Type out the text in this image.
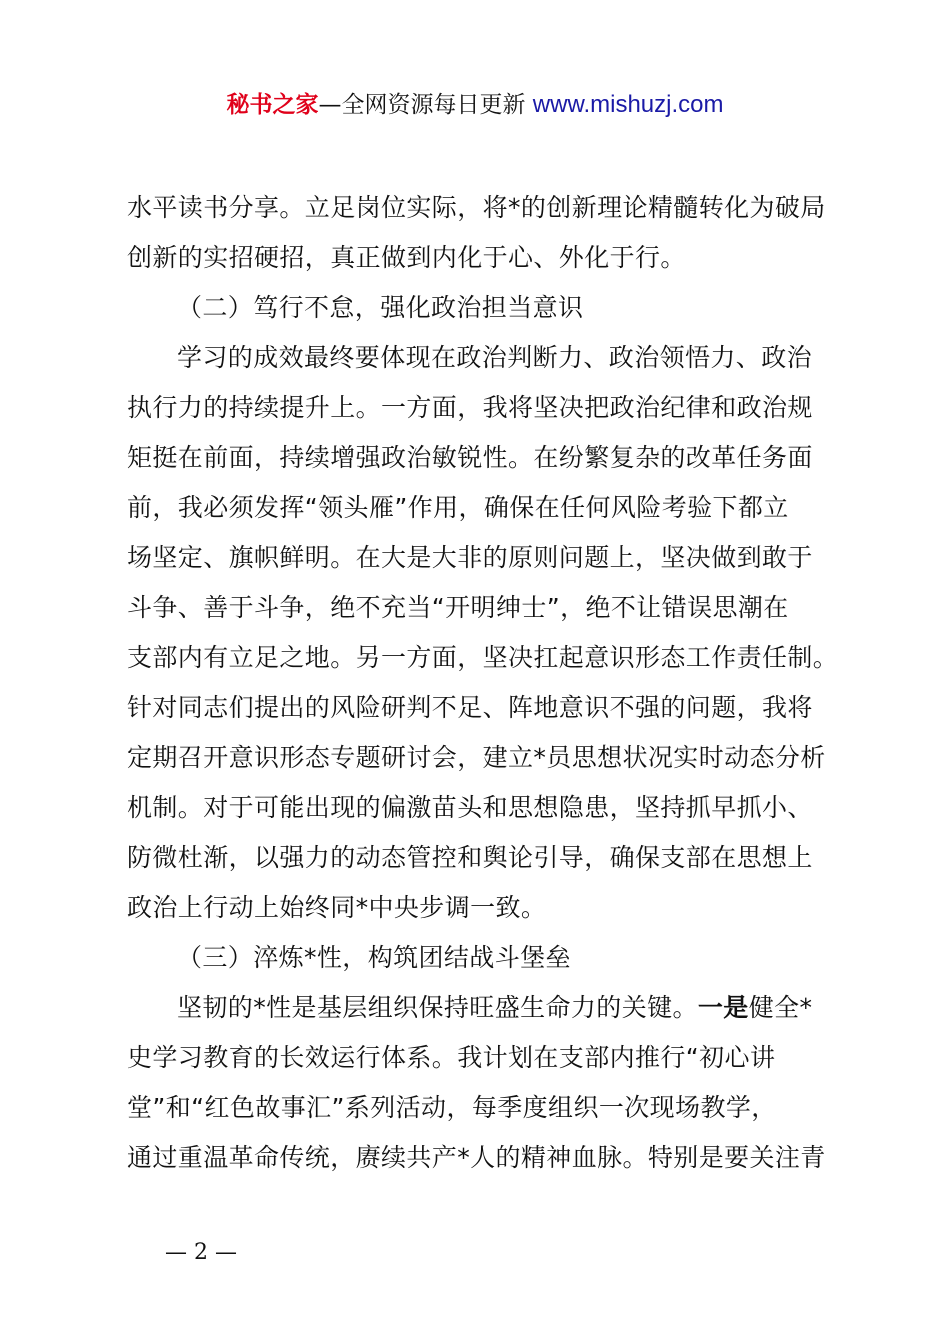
秘书之家—全网资源每日更新 www.mishuzj.com
水平读书分享。立足岗位实际，将*的创新理论精髓转化为破局
创新的实招硬招，真正做到内化于心、外化于行。
（二）笃行不怠，强化政治担当意识
学习的成效最终要体现在政治判断力、政治领悟力、政治
执行力的持续提升上。一方面，我将坚决把政治纪律和政治规
矩挺在前面，持续增强政治敏锐性。在纷繁复杂的改革任务面
前，我必须发挥“领头雁”作用，确保在任何风险考验下都立
场坚定、旗帜鲜明。在大是大非的原则问题上，坚决做到敢于
斗争、善于斗争，绝不充当“开明绅士”，绝不让错误思潮在
支部内有立足之地。另一方面，坚决扛起意识形态工作责任制。
针对同志们提出的风险研判不足、阵地意识不强的问题，我将
定期召开意识形态专题研讨会，建立*员思想状况实时动态分析
机制。对于可能出现的偏激苗头和思想隐患，坚持抓早抓小、
防微杜渐，以强力的动态管控和舆论引导，确保支部在思想上
政治上行动上始终同*中央步调一致。
（三）淬炼*性，构筑团结战斗堡垒
坚韧的*性是基层组织保持旺盛生命力的关键。一是健全*
史学习教育的长效运行体系。我计划在支部内推行“初心讲
堂”和“红色故事汇”系列活动，每季度组织一次现场教学，
通过重温革命传统，赓续共产*人的精神血脉。特别是要关注青
— 2 —
